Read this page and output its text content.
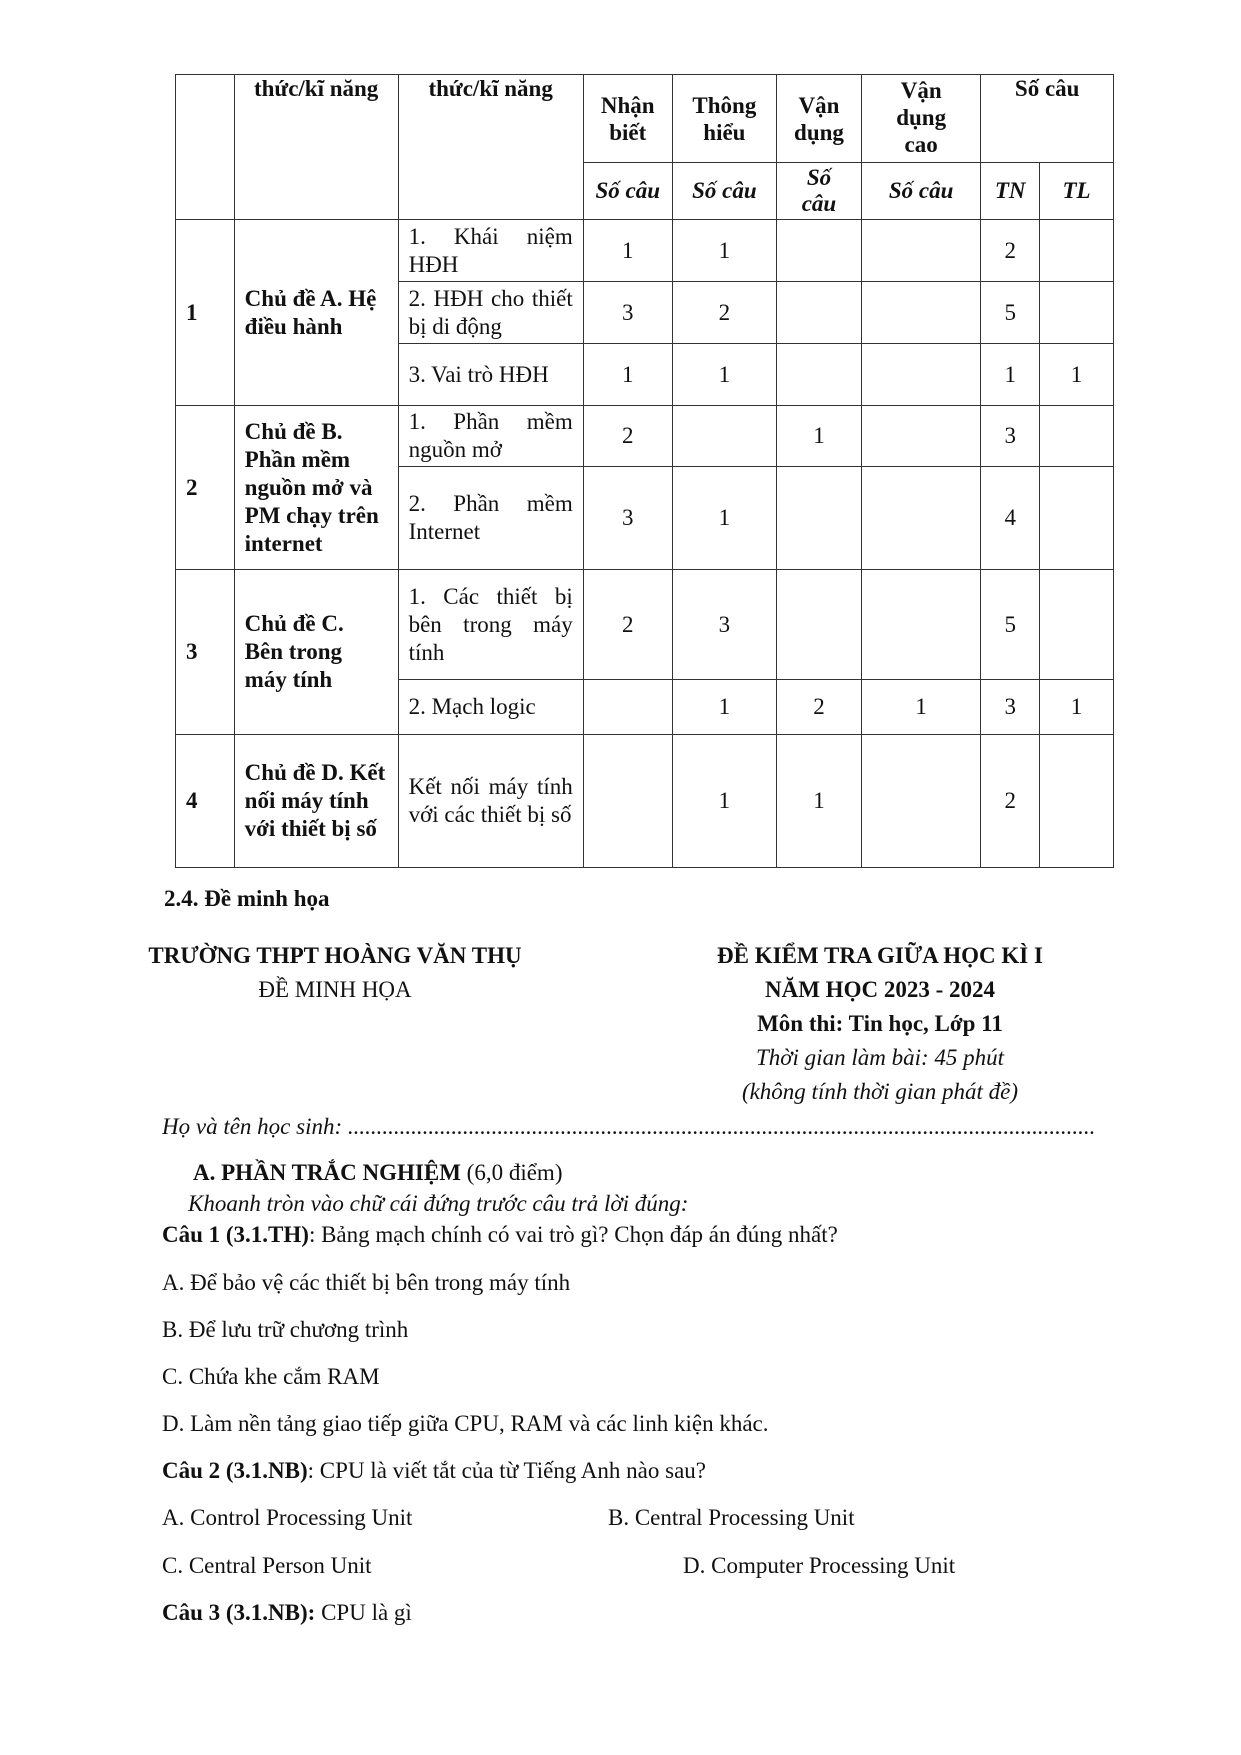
	thức/kĩ năng	thức/kĩ năng	Nhận biết	Thông hiểu	Vận dụng	Vận dụng cao	Số câu	
			Số câu	Số câu	Số câu	Số câu	TN	TL
1	Chủ đề A. Hệ điều hành	1. Khái niệm HĐH	1	1			2	
		2. HĐH cho thiết bị di động	3	2			5	
		3. Vai trò HĐH	1	1			1	1
2	Chủ đề B. Phần mềm nguồn mở và PM chạy trên internet	1. Phần mềm nguồn mở	2		1		3	
		2. Phần mềm Internet	3	1			4	
3	Chủ đề C. Bên trong máy tính	1. Các thiết bị bên trong máy tính	2	3			5	
		2. Mạch logic		1	2	1	3	1
4	Chủ đề D. Kết nối máy tính với thiết bị số	Kết nối máy tính với các thiết bị số		1	1		2	
2.4. Đề minh họa
TRƯỜNG THPT HOÀNG VĂN THỤ
ĐỀ MINH HỌA
ĐỀ KIỂM TRA GIỮA HỌC KÌ I
NĂM HỌC 2023 - 2024
Môn thi: Tin học, Lớp 11
Thời gian làm bài: 45 phút
(không tính thời gian phát đề)
Họ và tên học sinh: ..................................................................................................................................
A. PHẦN TRẮC NGHIỆM (6,0 điểm)
Khoanh tròn vào chữ cái đứng trước câu trả lời đúng:
Câu 1 (3.1.TH): Bảng mạch chính có vai trò gì? Chọn đáp án đúng nhất?
A. Để bảo vệ các thiết bị bên trong máy tính
B. Để lưu trữ chương trình
C. Chứa khe cắm RAM
D. Làm nền tảng giao tiếp giữa CPU, RAM và các linh kiện khác.
Câu 2 (3.1.NB): CPU là viết tắt của từ Tiếng Anh nào sau?
A. Control Processing Unit	B. Central Processing Unit
C. Central Person Unit	D. Computer Processing Unit
Câu 3 (3.1.NB): CPU là gì
